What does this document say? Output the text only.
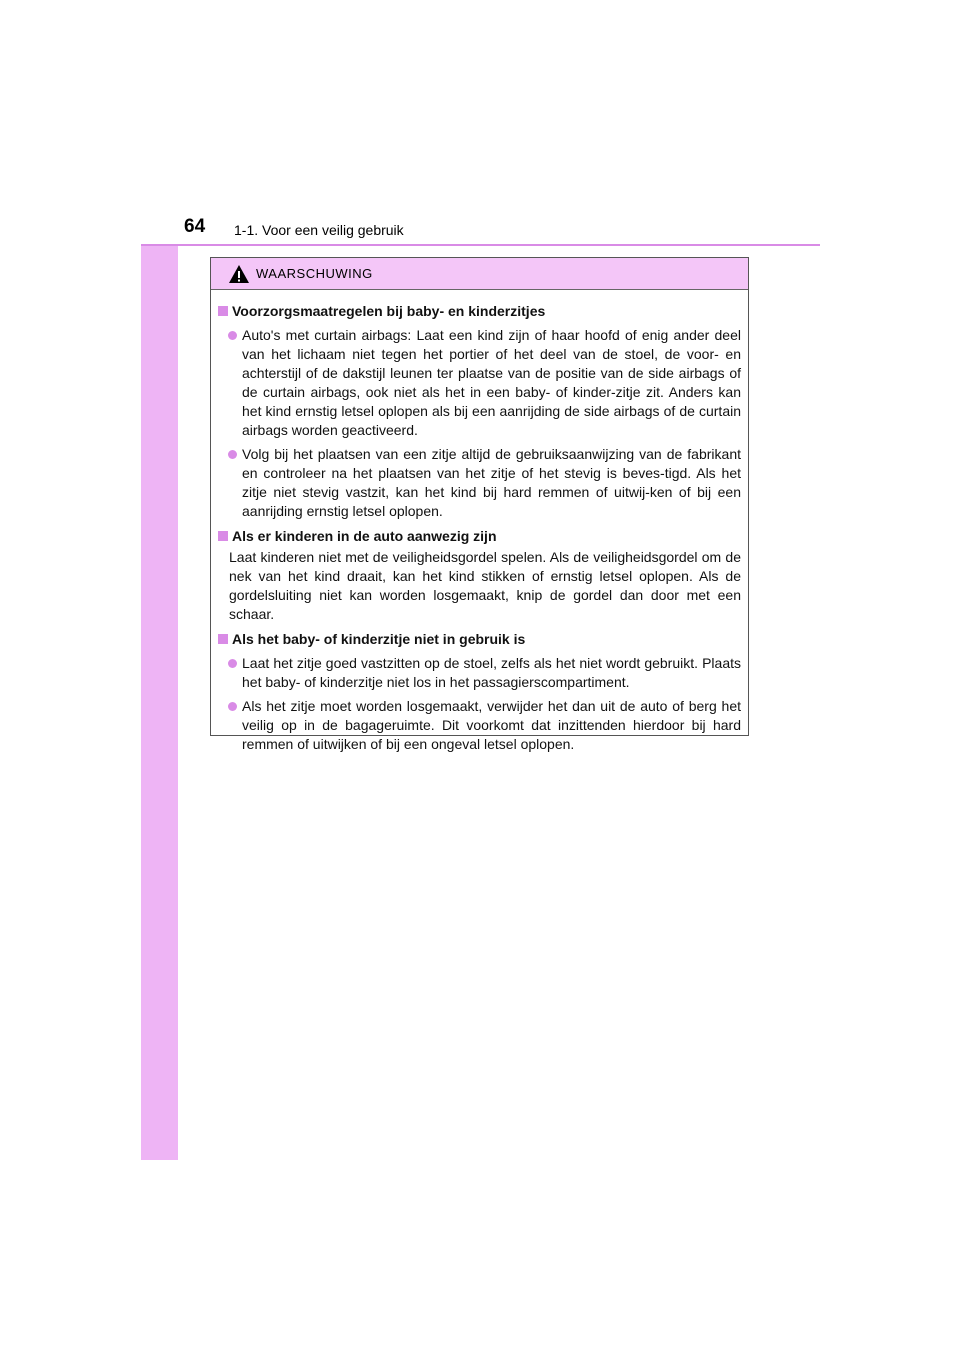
64 1-1. Voor een veilig gebruik
WAARSCHUWING
Voorzorgsmaatregelen bij baby- en kinderzitjes
Auto's met curtain airbags: Laat een kind zijn of haar hoofd of enig ander deel van het lichaam niet tegen het portier of het deel van de stoel, de voor- en achterstijl of de dakstijl leunen ter plaatse van de positie van de side airbags of de curtain airbags, ook niet als het in een baby- of kinder-zitje zit. Anders kan het kind ernstig letsel oplopen als bij een aanrijding de side airbags of de curtain airbags worden geactiveerd.
Volg bij het plaatsen van een zitje altijd de gebruiksaanwijzing van de fabrikant en controleer na het plaatsen van het zitje of het stevig is beves-tigd. Als het zitje niet stevig vastzit, kan het kind bij hard remmen of uitwij-ken of bij een aanrijding ernstig letsel oplopen.
Als er kinderen in de auto aanwezig zijn
Laat kinderen niet met de veiligheidsgordel spelen. Als de veiligheidsgordel om de nek van het kind draait, kan het kind stikken of ernstig letsel oplopen. Als de gordelsluiting niet kan worden losgemaakt, knip de gordel dan door met een schaar.
Als het baby- of kinderzitje niet in gebruik is
Laat het zitje goed vastzitten op de stoel, zelfs als het niet wordt gebruikt. Plaats het baby- of kinderzitje niet los in het passagierscompartiment.
Als het zitje moet worden losgemaakt, verwijder het dan uit de auto of berg het veilig op in de bagageruimte. Dit voorkomt dat inzittenden hierdoor bij hard remmen of uitwijken of bij een ongeval letsel oplopen.
